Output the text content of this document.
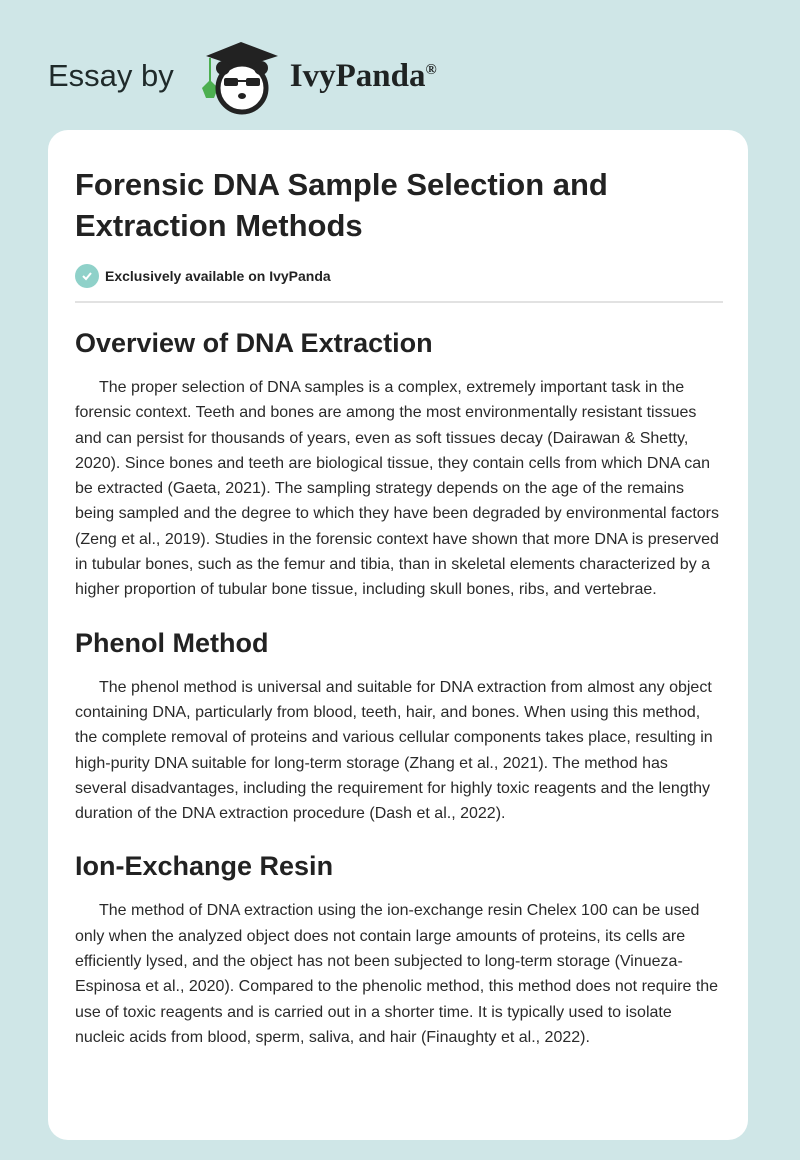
Essay by	IvyPanda®
Forensic DNA Sample Selection and Extraction Methods
Exclusively available on IvyPanda
Overview of DNA Extraction

The proper selection of DNA samples is a complex, extremely important task in the forensic context. Teeth and bones are among the most environmentally resistant tissues and can persist for thousands of years, even as soft tissues decay (Dairawan & Shetty, 2020). Since bones and teeth are biological tissue, they contain cells from which DNA can be extracted (Gaeta, 2021). The sampling strategy depends on the age of the remains being sampled and the degree to which they have been degraded by environmental factors (Zeng et al., 2019). Studies in the forensic context have shown that more DNA is preserved in tubular bones, such as the femur and tibia, than in skeletal elements characterized by a higher proportion of tubular bone tissue, including skull bones, ribs, and vertebrae.

Phenol Method

The phenol method is universal and suitable for DNA extraction from almost any object containing DNA, particularly from blood, teeth, hair, and bones. When using this method, the complete removal of proteins and various cellular components takes place, resulting in high-purity DNA suitable for long-term storage (Zhang et al., 2021). The method has several disadvantages, including the requirement for highly toxic reagents and the lengthy duration of the DNA extraction procedure (Dash et al., 2022).

Ion-Exchange Resin

The method of DNA extraction using the ion-exchange resin Chelex 100 can be used only when the analyzed object does not contain large amounts of proteins, its cells are efficiently lysed, and the object has not been subjected to long-term storage (Vinueza-Espinosa et al., 2020). Compared to the phenolic method, this method does not require the use of toxic reagents and is carried out in a shorter time. It is typically used to isolate nucleic acids from blood, sperm, saliva, and hair (Finaughty et al., 2022).
